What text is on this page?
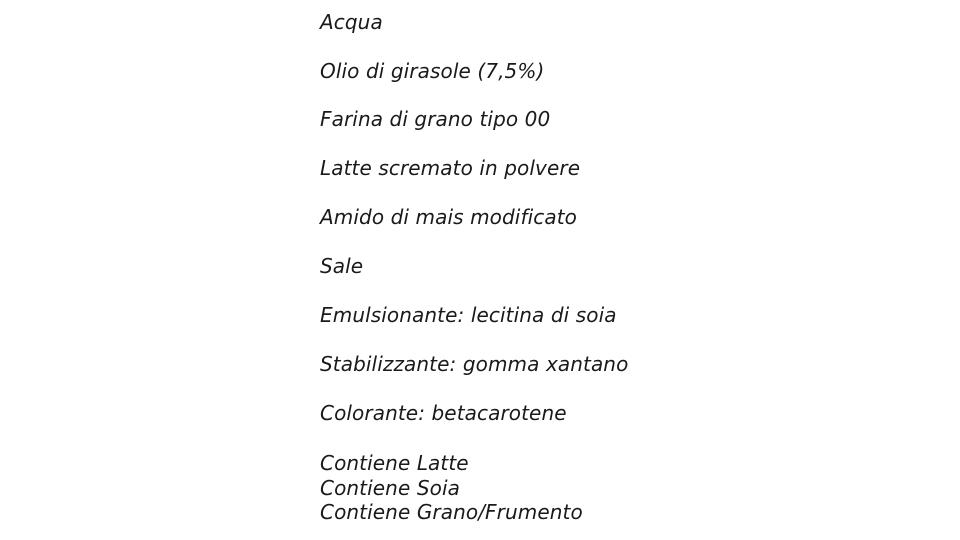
Acqua
Olio di girasole (7,5%)
Farina di grano tipo 00
Latte scremato in polvere
Amido di mais modificato
Sale
Emulsionante: lecitina di soia
Stabilizzante: gomma xantano
Colorante: betacarotene
Contiene Latte
Contiene Soia
Contiene Grano/Frumento
